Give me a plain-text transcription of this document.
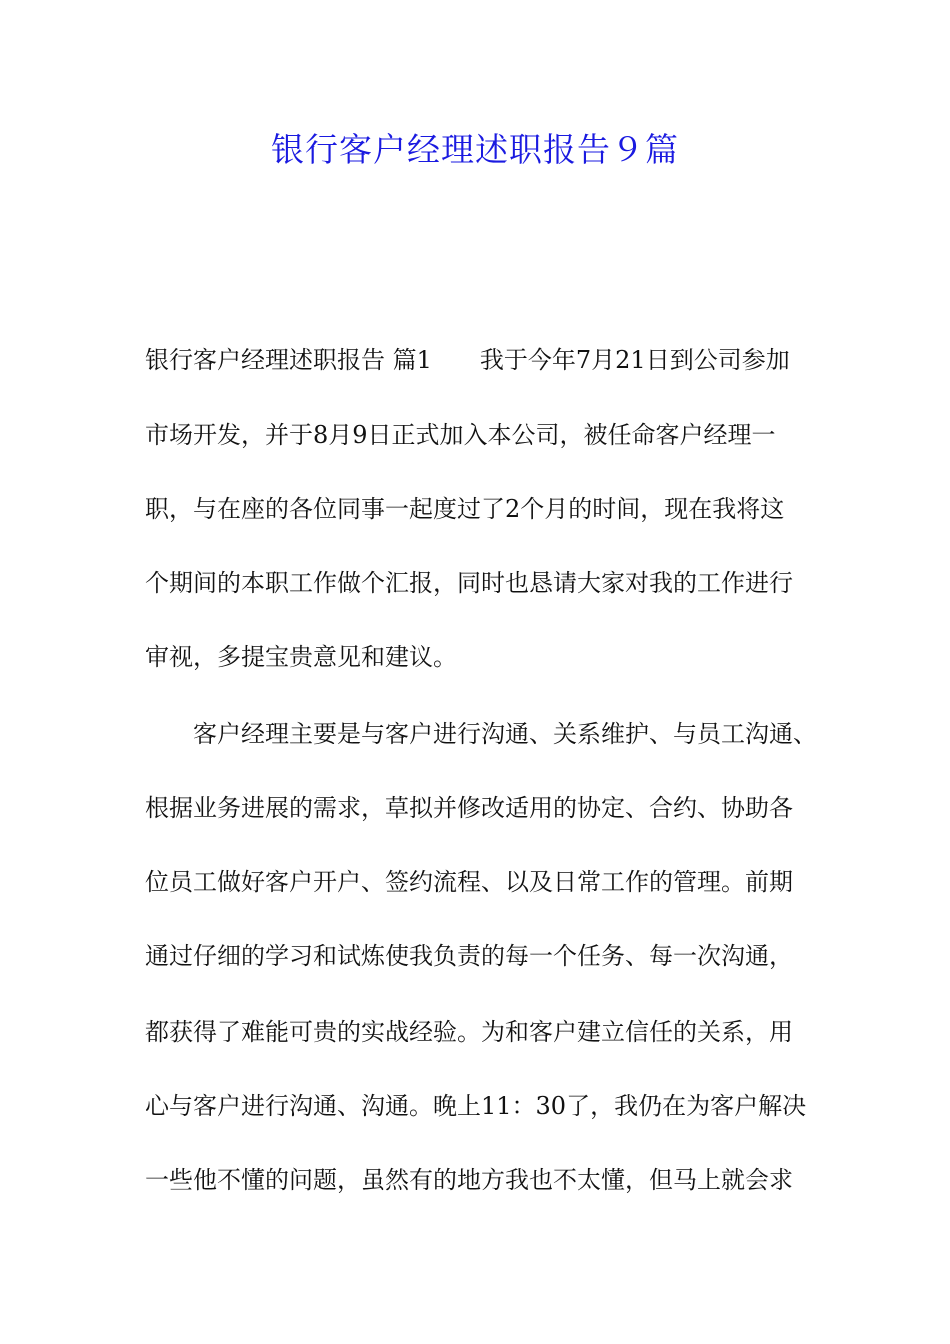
银行客户经理述职报告９篇

银行客户经理述职报告 篇1　　我于今年7月21日到公司参加

市场开发，并于8月9日正式加入本公司，被任命客户经理一

职，与在座的各位同事一起度过了2个月的时间，现在我将这

个期间的本职工作做个汇报，同时也恳请大家对我的工作进行

审视，多提宝贵意见和建议。

　　客户经理主要是与客户进行沟通、关系维护、与员工沟通、

根据业务进展的需求，草拟并修改适用的协定、合约、协助各

位员工做好客户开户、签约流程、以及日常工作的管理。前期

通过仔细的学习和试炼使我负责的每一个任务、每一次沟通，

都获得了难能可贵的实战经验。为和客户建立信任的关系，用

心与客户进行沟通、沟通。晚上11：30了，我仍在为客户解决

一些他不懂的问题，虽然有的地方我也不太懂，但马上就会求
